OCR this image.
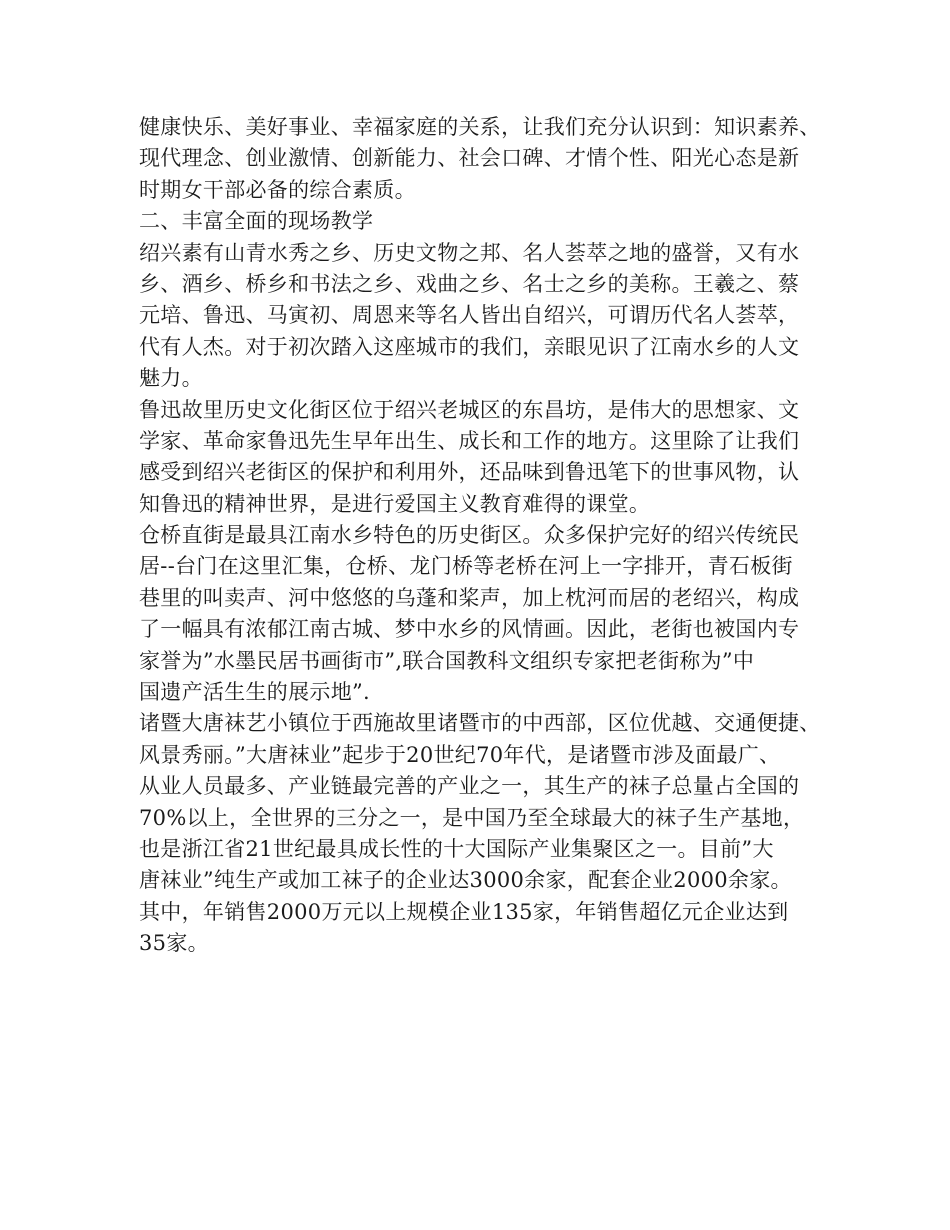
健康快乐、美好事业、幸福家庭的关系，让我们充分认识到：知识素养、
现代理念、创业激情、创新能力、社会口碑、才情个性、阳光心态是新
时期女干部必备的综合素质。
二、丰富全面的现场教学
绍兴素有山青水秀之乡、历史文物之邦、名人荟萃之地的盛誉，又有水
乡、酒乡、桥乡和书法之乡、戏曲之乡、名士之乡的美称。王羲之、蔡
元培、鲁迅、马寅初、周恩来等名人皆出自绍兴，可谓历代名人荟萃，
代有人杰。对于初次踏入这座城市的我们，亲眼见识了江南水乡的人文
魅力。
鲁迅故里历史文化街区位于绍兴老城区的东昌坊，是伟大的思想家、文
学家、革命家鲁迅先生早年出生、成长和工作的地方。这里除了让我们
感受到绍兴老街区的保护和利用外，还品味到鲁迅笔下的世事风物，认
知鲁迅的精神世界，是进行爱国主义教育难得的课堂。
仓桥直街是最具江南水乡特色的历史街区。众多保护完好的绍兴传统民
居--台门在这里汇集，仓桥、龙门桥等老桥在河上一字排开，青石板街
巷里的叫卖声、河中悠悠的乌蓬和桨声，加上枕河而居的老绍兴，构成
了一幅具有浓郁江南古城、梦中水乡的风情画。因此，老街也被国内专
家誉为”水墨民居书画街市”,联合国教科文组织专家把老街称为”中
国遗产活生生的展示地”.
诸暨大唐袜艺小镇位于西施故里诸暨市的中西部，区位优越、交通便捷、
风景秀丽。”大唐袜业”起步于20世纪70年代，是诸暨市涉及面最广、
从业人员最多、产业链最完善的产业之一，其生产的袜子总量占全国的
70%以上，全世界的三分之一，是中国乃至全球最大的袜子生产基地，
也是浙江省21世纪最具成长性的十大国际产业集聚区之一。目前”大
唐袜业”纯生产或加工袜子的企业达3000余家，配套企业2000余家。
其中，年销售2000万元以上规模企业135家，年销售超亿元企业达到
35家。
